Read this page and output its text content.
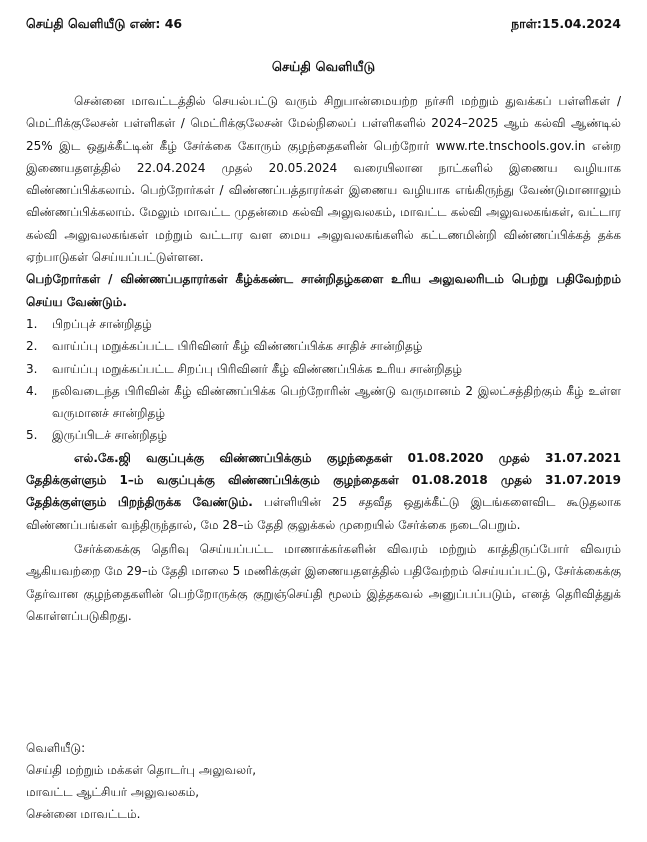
செய்தி வெளியீடு எண்: 46	நாள்:15.04.2024
செய்தி வெளியீடு

சென்னை மாவட்டத்தில் செயல்பட்டு வரும் சிறுபான்மையற்ற நர்சரி மற்றும் துவக்கப் பள்ளிகள் / மெட்ரிக்குலேசன் பள்ளிகள் / மெட்ரிக்குலேசன் மேல்நிலைப் பள்ளிகளில் 2024–2025 ஆம் கல்வி ஆண்டில் 25% இட ஒதுக்கீட்டின் கீழ் சேர்க்கை கோரும் குழந்தைகளின் பெற்றோர் www.rte.tnschools.gov.in என்ற இணையதளத்தில் 22.04.2024 முதல் 20.05.2024 வரையிலான நாட்களில் இணைய வழியாக விண்ணப்பிக்கலாம். பெற்றோர்கள் / விண்ணப்பத்தாரர்கள் இணைய வழியாக எங்கிருந்து வேண்டுமானாலும் விண்ணப்பிக்கலாம். மேலும் மாவட்ட முதன்மை கல்வி அலுவலகம், மாவட்ட கல்வி அலுவலகங்கள், வட்டார கல்வி அலுவலகங்கள் மற்றும் வட்டார வள மைய அலுவலகங்களில் கட்டணமின்றி விண்ணப்பிக்கத் தக்க ஏற்பாடுகள் செய்யப்பட்டுள்ளன.

பெற்றோர்கள் / விண்ணப்பதாரர்கள் கீழ்க்கண்ட சான்றிதழ்களை உரிய அலுவலரிடம் பெற்று பதிவேற்றம் செய்ய வேண்டும்.

1. பிறப்புச் சான்றிதழ்
2. வாய்ப்பு மறுக்கப்பட்ட பிரிவினர் கீழ் விண்ணப்பிக்க சாதிச் சான்றிதழ்
3. வாய்ப்பு மறுக்கப்பட்ட சிறப்பு பிரிவினர் கீழ் விண்ணப்பிக்க உரிய சான்றிதழ்
4. நலிவடைந்த பிரிவின் கீழ் விண்ணப்பிக்க பெற்றோரின் ஆண்டு வருமானம் 2 இலட்சத்திற்கும் கீழ் உள்ள வருமானச் சான்றிதழ்
5. இருப்பிடச் சான்றிதழ்

எல்.கே.ஜி வகுப்புக்கு விண்ணப்பிக்கும் குழந்தைகள் 01.08.2020 முதல் 31.07.2021 தேதிக்குள்ளும் 1–ம் வகுப்புக்கு விண்ணப்பிக்கும் குழந்தைகள் 01.08.2018 முதல் 31.07.2019 தேதிக்குள்ளும் பிறந்திருக்க வேண்டும். பள்ளியின் 25 சதவீத ஒதுக்கீட்டு இடங்களைவிட கூடுதலாக விண்ணப்பங்கள் வந்திருந்தால், மே 28–ம் தேதி குலுக்கல் முறையில் சேர்க்கை நடைபெறும்.

சேர்க்கைக்கு தெரிவு செய்யப்பட்ட மாணாக்கர்களின் விவரம் மற்றும் காத்திருப்போர் விவரம் ஆகியவற்றை மே 29–ம் தேதி மாலை 5 மணிக்குள் இணையதளத்தில் பதிவேற்றம் செய்யப்பட்டு, சேர்க்கைக்கு தேர்வான குழந்தைகளின் பெற்றோருக்கு குறுஞ்செய்தி மூலம் இத்தகவல் அனுப்பப்படும், எனத் தெரிவித்துக் கொள்ளப்படுகிறது.

வெளியீடு:
செய்தி மற்றும் மக்கள் தொடர்பு அலுவலர்,
மாவட்ட ஆட்சியர் அலுவலகம்,
சென்னை மாவட்டம்.
